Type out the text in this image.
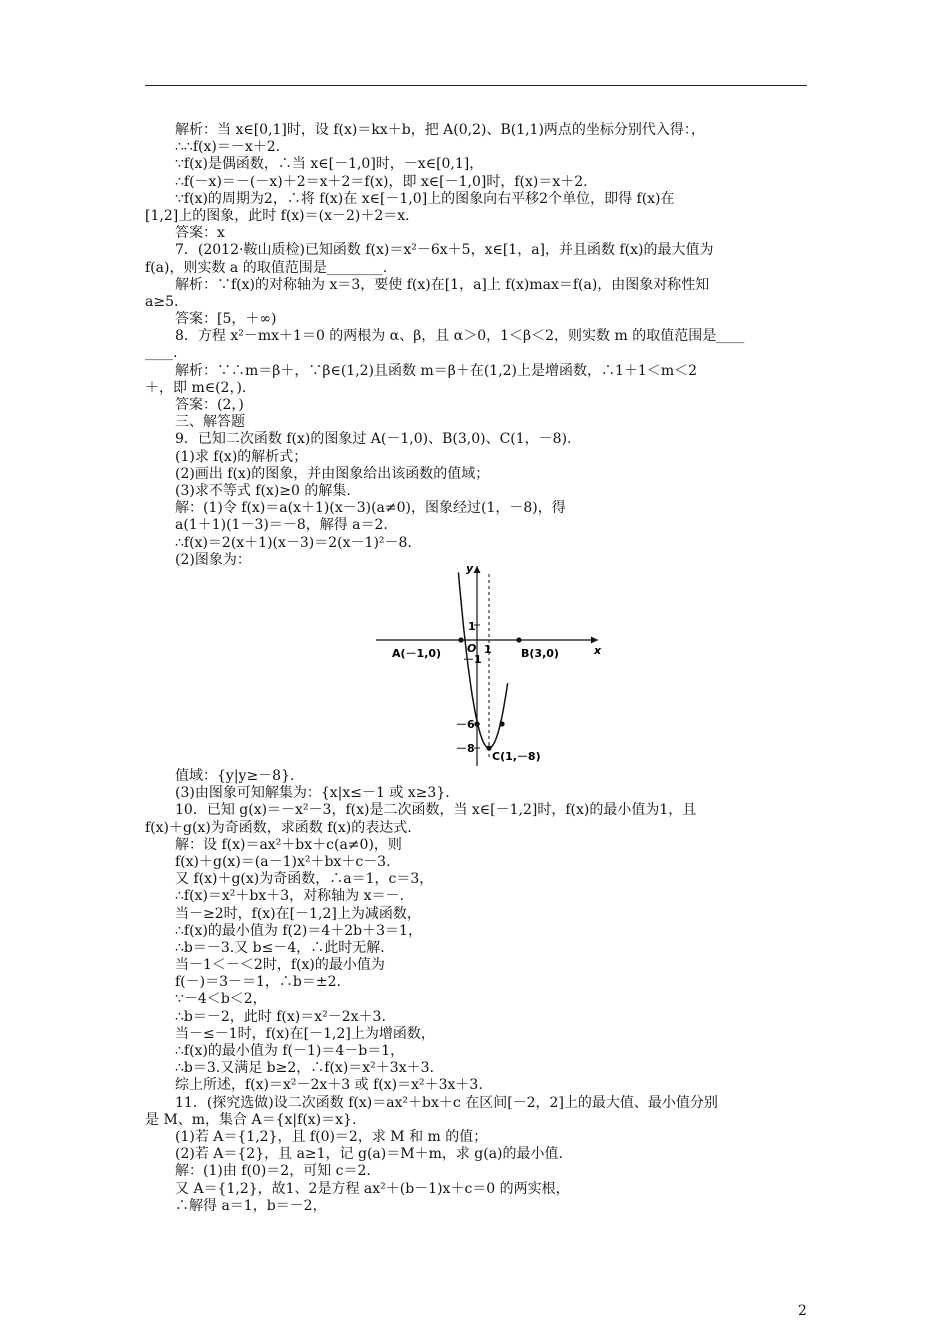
解析：当 x∈[0,1]时，设 f(x)＝kx＋b，把 A(0,2)、B(1,1)两点的坐标分别代入得：，
∴∴f(x)＝－x＋2.
∵f(x)是偶函数，∴当 x∈[－1,0]时，－x∈[0,1]，
∴f(－x)＝－(－x)＋2＝x＋2＝f(x)，即 x∈[－1,0]时，f(x)＝x＋2.
∵f(x)的周期为2，∴将 f(x)在 x∈[－1,0]上的图象向右平移2个单位，即得 f(x)在
[1,2]上的图象，此时 f(x)＝(x－2)＋2＝x.
答案：x
7．(2012·鞍山质检)已知函数 f(x)＝x²－6x＋5，x∈[1，a]，并且函数 f(x)的最大值为
f(a)，则实数 a 的取值范围是________.
解析：∵f(x)的对称轴为 x＝3，要使 f(x)在[1，a]上 f(x)max＝f(a)，由图象对称性知
a≥5.
答案：[5，＋∞)
8．方程 x²－mx＋1＝0 的两根为 α、β，且 α＞0，1＜β＜2，则实数 m 的取值范围是____
____.
解析：∵∴m＝β＋，∵β∈(1,2)且函数 m＝β＋在(1,2)上是增函数，∴1＋1＜m＜2
＋，即 m∈(2，).
答案：(2，)
三、解答题
9．已知二次函数 f(x)的图象过 A(－1,0)、B(3,0)、C(1，－8).
(1)求 f(x)的解析式；
(2)画出 f(x)的图象，并由图象给出该函数的值域；
(3)求不等式 f(x)≥0 的解集.
解：(1)令 f(x)＝a(x＋1)(x－3)(a≠0)，图象经过(1，－8)，得
a(1＋1)(1－3)＝－8，解得 a＝2.
∴f(x)＝2(x＋1)(x－3)＝2(x－1)²－8.
(2)图象为：
y
x
O 1
1
－1
－6
－8
A(－1,0)	B(3,0)
C(1,－8)
值域：{y|y≥－8}.
(3)由图象可知解集为：{x|x≤－1 或 x≥3}.
10．已知 g(x)＝－x²－3，f(x)是二次函数，当 x∈[－1,2]时，f(x)的最小值为1，且
f(x)＋g(x)为奇函数，求函数 f(x)的表达式.
解：设 f(x)＝ax²＋bx＋c(a≠0)，则
f(x)＋g(x)＝(a－1)x²＋bx＋c－3.
又 f(x)＋g(x)为奇函数，∴a＝1，c＝3，
∴f(x)＝x²＋bx＋3，对称轴为 x＝－.
当－≥2时，f(x)在[－1,2]上为减函数，
∴f(x)的最小值为 f(2)＝4＋2b＋3＝1，
∴b＝－3.又 b≤－4，∴此时无解.
当－1＜－＜2时，f(x)的最小值为
f(－)＝3－＝1，∴b＝±2.
∵－4＜b＜2，
∴b＝－2，此时 f(x)＝x²－2x＋3.
当－≤－1时，f(x)在[－1,2]上为增函数，
∴f(x)的最小值为 f(－1)＝4－b＝1，
∴b＝3.又满足 b≥2，∴f(x)＝x²＋3x＋3.
综上所述，f(x)＝x²－2x＋3 或 f(x)＝x²＋3x＋3.
11．(探究选做)设二次函数 f(x)＝ax²＋bx＋c 在区间[－2，2]上的最大值、最小值分别
是 M、m，集合 A＝{x|f(x)＝x}.
(1)若 A＝{1,2}，且 f(0)＝2，求 M 和 m 的值；
(2)若 A＝{2}，且 a≥1，记 g(a)＝M＋m，求 g(a)的最小值.
解：(1)由 f(0)＝2，可知 c＝2.
又 A＝{1,2}，故1、2是方程 ax²＋(b－1)x＋c＝0 的两实根，
∴解得 a＝1，b＝－2，
2
